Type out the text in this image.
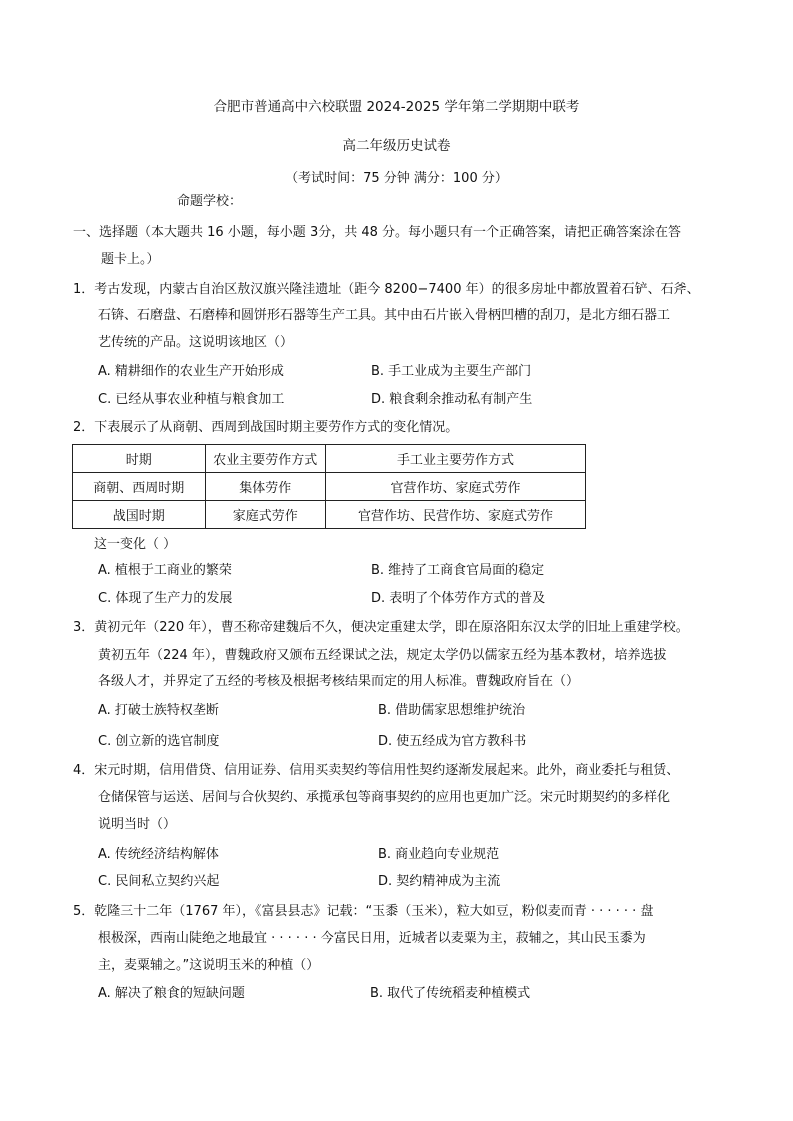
合肥市普通高中六校联盟 2024-2025 学年第二学期期中联考
高二年级历史试卷
（考试时间：75 分钟 满分：100 分）
命题学校：
一、选择题（本大题共 16 小题，每小题 3分，共 48 分。每小题只有一个正确答案，请把正确答案涂在答
题卡上。）
1．考古发现，内蒙古自治区敖汉旗兴隆洼遗址（距今 8200−7400 年）的很多房址中都放置着石铲、石斧、
石锛、石磨盘、石磨棒和圆饼形石器等生产工具。其中由石片嵌入骨柄凹槽的刮刀，是北方细石器工
艺传统的产品。这说明该地区（）
A. 精耕细作的农业生产开始形成	B. 手工业成为主要生产部门
C. 已经从事农业种植与粮食加工	D. 粮食剩余推动私有制产生
2．下表展示了从商朝、西周到战国时期主要劳作方式的变化情况。
时期	农业主要劳作方式	手工业主要劳作方式
商朝、西周时期	集体劳作	官营作坊、家庭式劳作
战国时期	家庭式劳作	官营作坊、民营作坊、家庭式劳作
这一变化（ ）
A. 植根于工商业的繁荣	B. 维持了工商食官局面的稳定
C. 体现了生产力的发展	D. 表明了个体劳作方式的普及
3．黄初元年（220 年），曹丕称帝建魏后不久，便决定重建太学，即在原洛阳东汉太学的旧址上重建学校。
黄初五年（224 年），曹魏政府又颁布五经课试之法，规定太学仍以儒家五经为基本教材，培养选拔
各级人才，并界定了五经的考核及根据考核结果而定的用人标准。曹魏政府旨在（）
A. 打破士族特权垄断	B. 借助儒家思想维护统治
C. 创立新的选官制度	D. 使五经成为官方教科书
4．宋元时期，信用借贷、信用证券、信用买卖契约等信用性契约逐渐发展起来。此外，商业委托与租赁、
仓储保管与运送、居间与合伙契约、承揽承包等商事契约的应用也更加广泛。宋元时期契约的多样化
说明当时（）
A. 传统经济结构解体	B. 商业趋向专业规范
C. 民间私立契约兴起	D. 契约精神成为主流
5．乾隆三十二年（1767 年），《富县县志》记载：“玉黍（玉米），粒大如豆，粉似麦而青 · · · · · · 盘
根极深，西南山陡绝之地最宜 · · · · · · 今富民日用，近城者以麦粟为主，菽辅之，其山民玉黍为
主，麦粟辅之。”这说明玉米的种植（）
A. 解决了粮食的短缺问题	B. 取代了传统稻麦种植模式
